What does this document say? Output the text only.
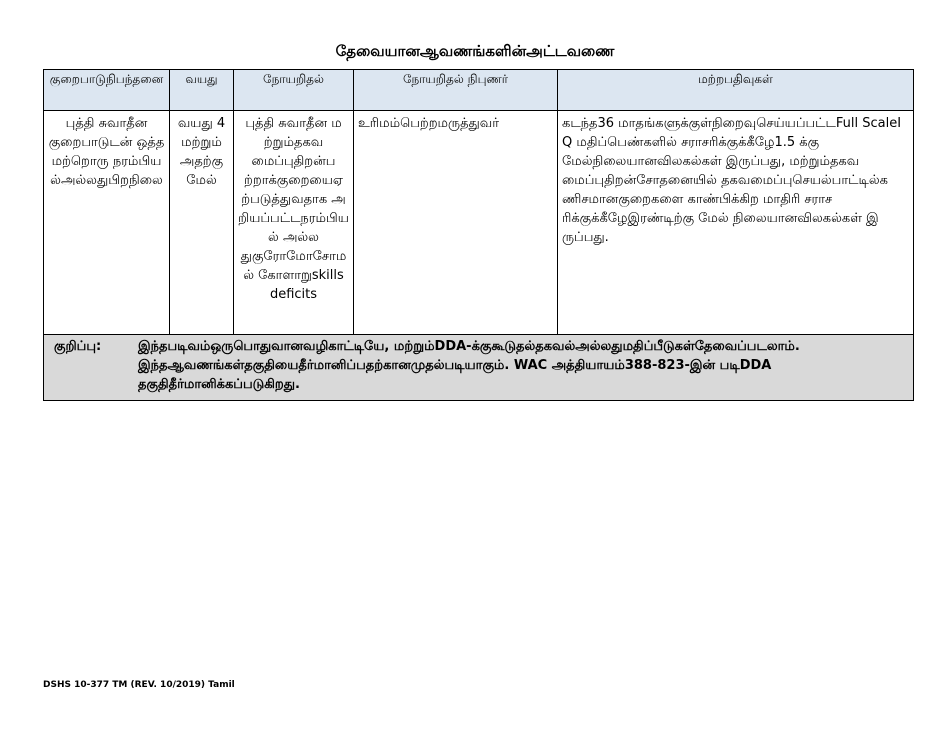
தேவையானஆவணங்களின்அட்டவணை
குறைபாடுநிபந்தனை	வயது	நோயறிதல்	நோயறிதல் நிபுணர்	மற்றபதிவுகள்
புத்தி சுவாதீன குறைபாடுடன் ஒத்தமற்றொரு நரம்பியல்அல்லதுபிறநிலை	வயது 4 மற்றும் அதற்கு மேல்	புத்தி சுவாதீன மற்றும்தகவமைப்புதிறன்பற்றாக்குறையைஏற்படுத்துவதாக அறியப்பட்டநரம்பியல் அல்லதுகுரோமோசோமல் கோளாறுskills deficits	உரிமம்பெற்றமருத்துவர்	கடந்த36 மாதங்களுக்குள்நிறைவுசெய்யப்பட்டFull ScaleIQ மதிப்பெண்களில் சராசரிக்குக்கீழே1.5 க்கு மேல்நிலையானவிலகல்கள் இருப்பது, மற்றும்தகவமைப்புதிறன்சோதனையில் தகவமைப்புசெயல்பாட்டில்கணிசமானகுறைகளை காண்பிக்கிற மாதிரி சராசரிக்குக்கீழேஇரண்டிற்கு மேல் நிலையானவிலகல்கள் இருப்பது.

குறிப்பு: இந்தபடிவம்ஒருபொதுவானவழிகாட்டியே, மற்றும்DDA-க்குகூடுதல்தகவல்அல்லதுமதிப்பீடுகள்தேவைப்படலாம். இந்தஆவணங்கள்தகுதியைதீர்மானிப்பதற்கானமுதல்படியாகும். WAC அத்தியாயம்388-823-இன் படிDDA தகுதிதீர்மானிக்கப்படுகிறது.				
DSHS 10-377 TM (REV. 10/2019) Tamil
